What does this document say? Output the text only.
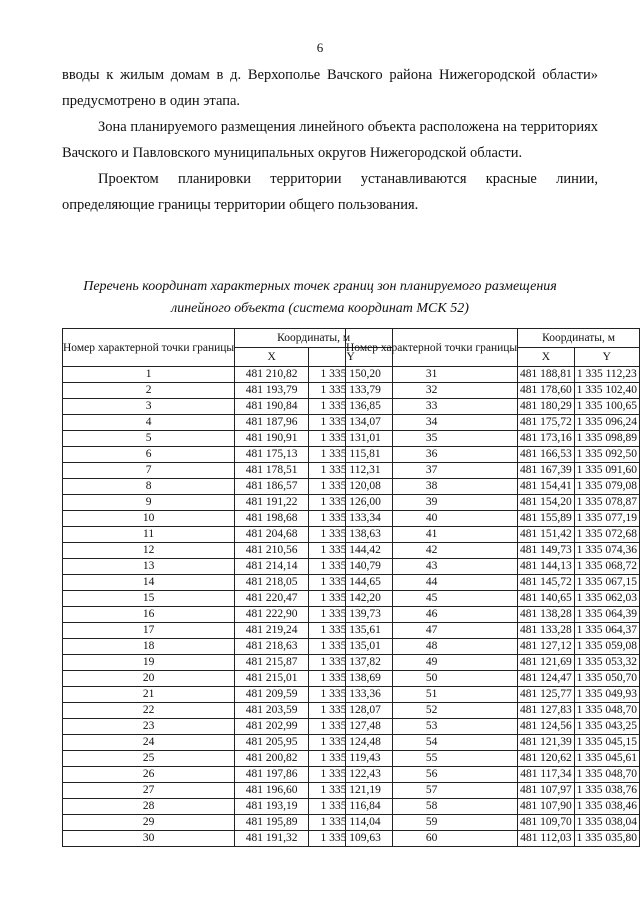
6

вводы к жилым домам в д. Верхополье Вачского района Нижегородской области» предусмотрено в один этапа.

Зона планируемого размещения линейного объекта расположена на территориях Вачского и Павловского муниципальных округов Нижегородской области.

Проектом планировки территории устанавливаются красные линии, определяющие границы территории общего пользования.

Перечень координат характерных точек границ зон планируемого размещения
линейного объекта (система координат МСК 52)
Номер характерной точки границы	Координаты, м	
	X	Y
1	481 210,82	1 335 150,20
2	481 193,79	1 335 133,79
3	481 190,84	1 335 136,85
4	481 187,96	1 335 134,07
5	481 190,91	1 335 131,01
6	481 175,13	1 335 115,81
7	481 178,51	1 335 112,31
8	481 186,57	1 335 120,08
9	481 191,22	1 335 126,00
10	481 198,68	1 335 133,34
11	481 204,68	1 335 138,63
12	481 210,56	1 335 144,42
13	481 214,14	1 335 140,79
14	481 218,05	1 335 144,65
15	481 220,47	1 335 142,20
16	481 222,90	1 335 139,73
17	481 219,24	1 335 135,61
18	481 218,63	1 335 135,01
19	481 215,87	1 335 137,82
20	481 215,01	1 335 138,69
21	481 209,59	1 335 133,36
22	481 203,59	1 335 128,07
23	481 202,99	1 335 127,48
24	481 205,95	1 335 124,48
25	481 200,82	1 335 119,43
26	481 197,86	1 335 122,43
27	481 196,60	1 335 121,19
28	481 193,19	1 335 116,84
29	481 195,89	1 335 114,04
30	481 191,32	1 335 109,63
Номер характерной точки границы	Координаты, м	
	X	Y
31	481 188,81	1 335 112,23
32	481 178,60	1 335 102,40
33	481 180,29	1 335 100,65
34	481 175,72	1 335 096,24
35	481 173,16	1 335 098,89
36	481 166,53	1 335 092,50
37	481 167,39	1 335 091,60
38	481 154,41	1 335 079,08
39	481 154,20	1 335 078,87
40	481 155,89	1 335 077,19
41	481 151,42	1 335 072,68
42	481 149,73	1 335 074,36
43	481 144,13	1 335 068,72
44	481 145,72	1 335 067,15
45	481 140,65	1 335 062,03
46	481 138,28	1 335 064,39
47	481 133,28	1 335 064,37
48	481 127,12	1 335 059,08
49	481 121,69	1 335 053,32
50	481 124,47	1 335 050,70
51	481 125,77	1 335 049,93
52	481 127,83	1 335 048,70
53	481 124,56	1 335 043,25
54	481 121,39	1 335 045,15
55	481 120,62	1 335 045,61
56	481 117,34	1 335 048,70
57	481 107,97	1 335 038,76
58	481 107,90	1 335 038,46
59	481 109,70	1 335 038,04
60	481 112,03	1 335 035,80
